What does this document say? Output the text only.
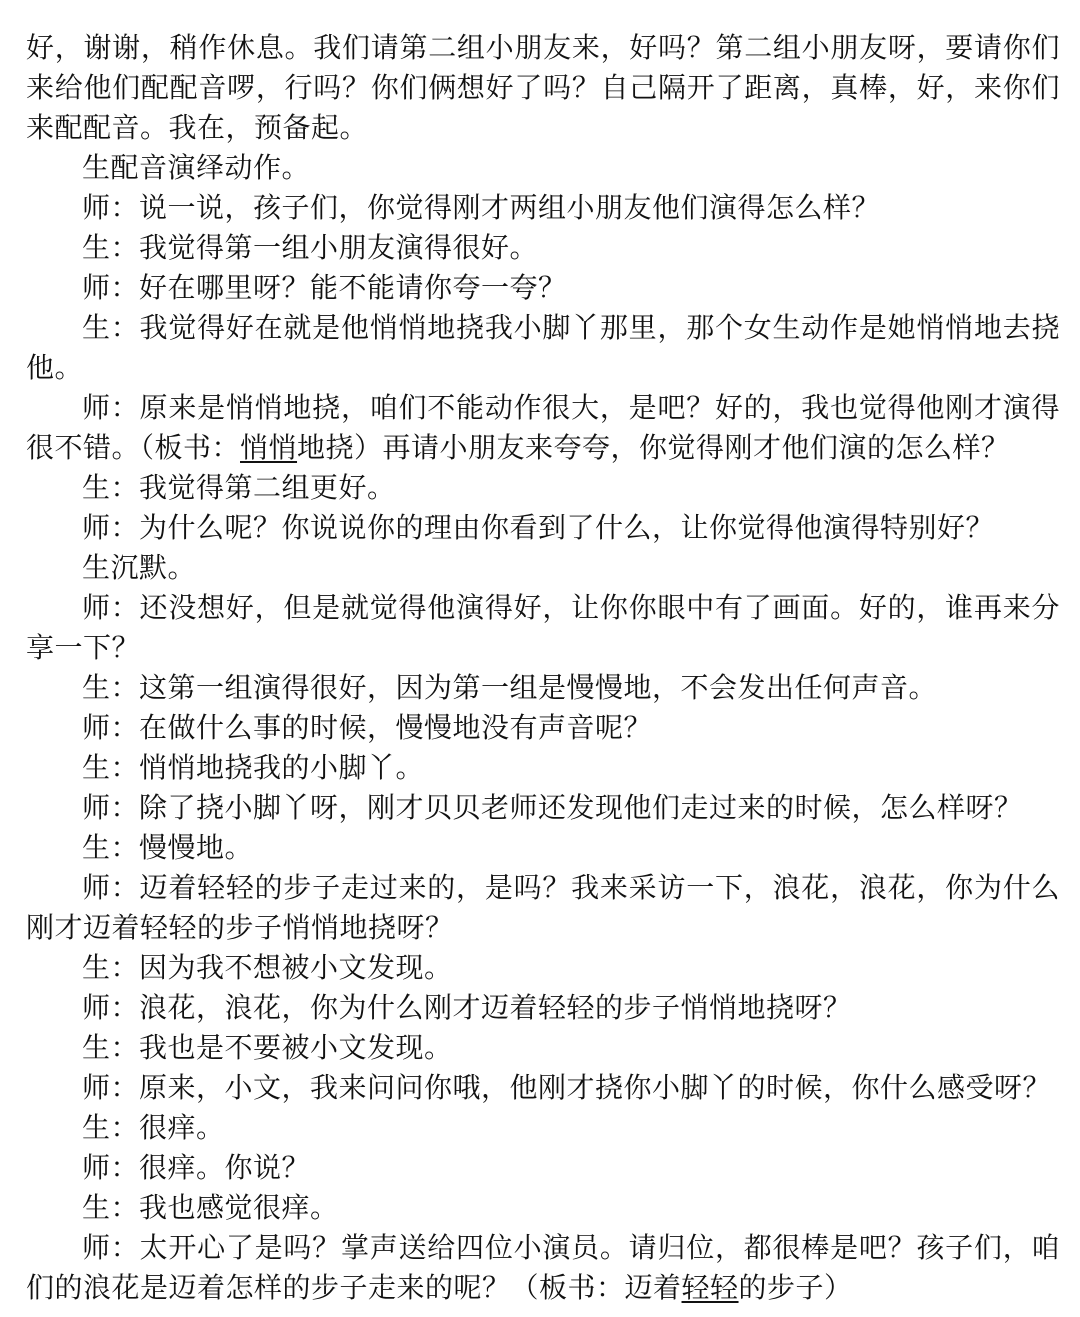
好，谢谢，稍作休息。我们请第二组小朋友来，好吗？第二组小朋友呀，要请你们来给他们配配音啰，行吗？你们俩想好了吗？自己隔开了距离，真棒，好，来你们来配配音。我在，预备起。

生配音演绎动作。

师：说一说，孩子们，你觉得刚才两组小朋友他们演得怎么样？

生：我觉得第一组小朋友演得很好。

师：好在哪里呀？能不能请你夸一夸？

生：我觉得好在就是他悄悄地挠我小脚丫那里，那个女生动作是她悄悄地去挠他。

师：原来是悄悄地挠，咱们不能动作很大，是吧？好的，我也觉得他刚才演得很不错。（板书：悄悄地挠）再请小朋友来夸夸，你觉得刚才他们演的怎么样？

生：我觉得第二组更好。

师：为什么呢？你说说你的理由你看到了什么，让你觉得他演得特别好？

生沉默。

师：还没想好，但是就觉得他演得好，让你你眼中有了画面。好的，谁再来分享一下？

生：这第一组演得很好，因为第一组是慢慢地，不会发出任何声音。

师：在做什么事的时候，慢慢地没有声音呢？

生：悄悄地挠我的小脚丫。

师：除了挠小脚丫呀，刚才贝贝老师还发现他们走过来的时候，怎么样呀？

生：慢慢地。

师：迈着轻轻的步子走过来的，是吗？我来采访一下，浪花，浪花，你为什么刚才迈着轻轻的步子悄悄地挠呀？

生：因为我不想被小文发现。

师：浪花，浪花，你为什么刚才迈着轻轻的步子悄悄地挠呀？

生：我也是不要被小文发现。

师：原来，小文，我来问问你哦，他刚才挠你小脚丫的时候，你什么感受呀？

生：很痒。

师：很痒。你说？

生：我也感觉很痒。

师：太开心了是吗？掌声送给四位小演员。请归位，都很棒是吧？孩子们，咱们的浪花是迈着怎样的步子走来的呢？（板书：迈着轻轻的步子）
